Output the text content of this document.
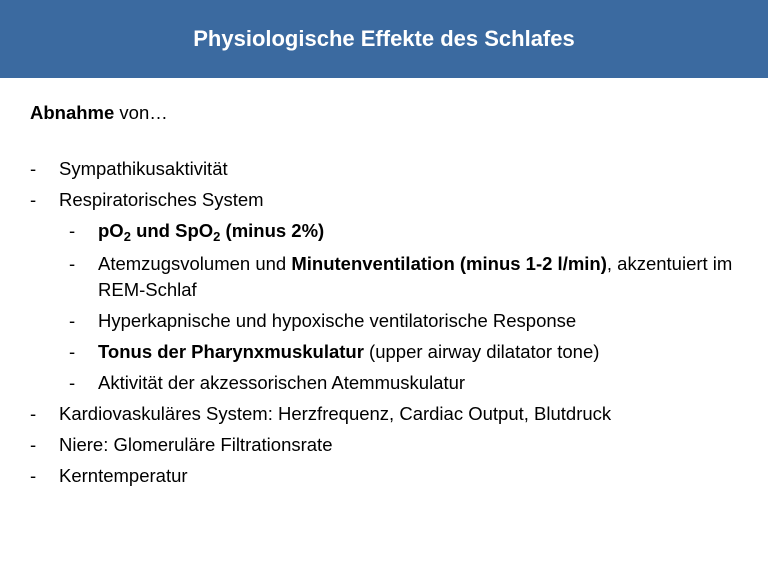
Physiologische Effekte des Schlafes

Abnahme von…

- Sympathikusaktivität
- Respiratorisches System
- $pO_2$ und SpO$_2$ (minus 2%)
- Atemzugsvolumen und Minutenventilation (minus 1-2 l/min), akzentuiert im REM-Schlaf
- Hyperkapnische und hypoxische ventilatorische Response
- Tonus der Pharynxmuskulatur (upper airway dilatator tone)
- Aktivität der akzessorischen Atemmuskulatur
- Kardiovaskuläres System: Herzfrequenz, Cardiac Output, Blutdruck
- Niere: Glomeruläre Filtrationsrate
- Kerntemperatur
